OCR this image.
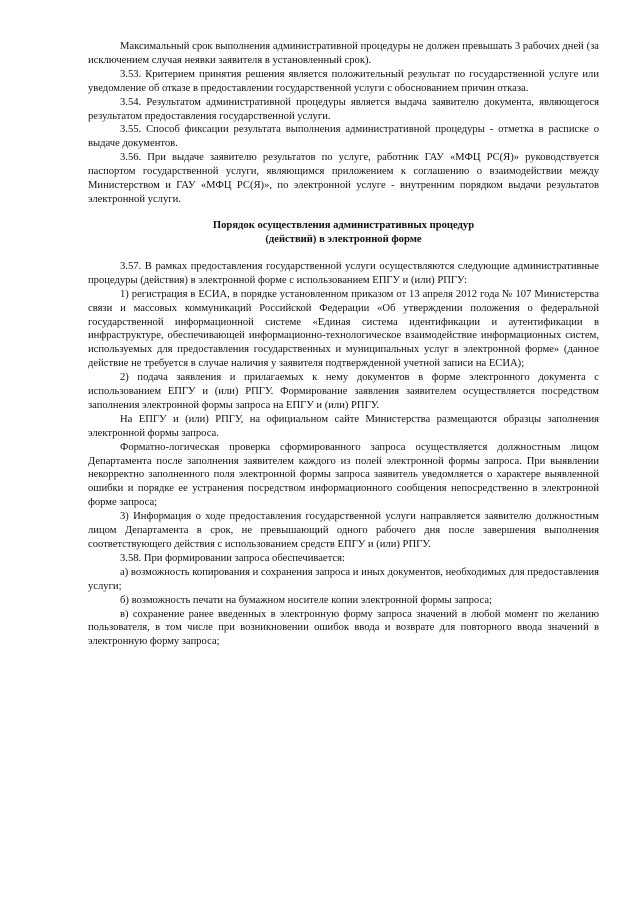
Максимальный срок выполнения административной процедуры не должен превышать 3 рабочих дней (за исключением случая неявки заявителя в установленный срок).

3.53. Критерием принятия решения является положительный результат по государственной услуге или уведомление об отказе в предоставлении государственной услуги с обоснованием причин отказа.

3.54. Результатом административной процедуры является выдача заявителю документа, являющегося результатом предоставления государственной услуги.

3.55. Способ фиксации результата выполнения административной процедуры - отметка в расписке о выдаче документов.

3.56. При выдаче заявителю результатов по услуге, работник ГАУ «МФЦ РС(Я)» руководствуется паспортом государственной услуги, являющимся приложением к соглашению о взаимодействии между Министерством и ГАУ «МФЦ РС(Я)», по электронной услуге - внутренним порядком выдачи результатов электронной услуги.

Порядок осуществления административных процедур
(действий) в электронной форме

3.57. В рамках предоставления государственной услуги осуществляются следующие административные процедуры (действия) в электронной форме с использованием ЕПГУ и (или) РПГУ:

1) регистрация в ЕСИА, в порядке установленном приказом от 13 апреля 2012 года № 107 Министерства связи и массовых коммуникаций Российской Федерации «Об утверждении положения о федеральной государственной информационной системе «Единая система идентификации и аутентификации в инфраструктуре, обеспечивающей информационно-технологическое взаимодействие информационных систем, используемых для предоставления государственных и муниципальных услуг в электронной форме» (данное действие не требуется в случае наличия у заявителя подтвержденной учетной записи на ЕСИА);

2) подача заявления и прилагаемых к нему документов в форме электронного документа с использованием ЕПГУ и (или) РПГУ. Формирование заявления заявителем осуществляется посредством заполнения электронной формы запроса на ЕПГУ и (или) РПГУ.

На ЕПГУ и (или) РПГУ, на официальном сайте Министерства размещаются образцы заполнения электронной формы запроса.

Форматно-логическая проверка сформированного запроса осуществляется должностным лицом Департамента после заполнения заявителем каждого из полей электронной формы запроса. При выявлении некорректно заполненного поля электронной формы запроса заявитель уведомляется о характере выявленной ошибки и порядке ее устранения посредством информационного сообщения непосредственно в электронной форме запроса;

3) Информация о ходе предоставления государственной услуги направляется заявителю должностным лицом Департамента в срок, не превышающий одного рабочего дня после завершения выполнения соответствующего действия с использованием средств ЕПГУ и (или) РПГУ.

3.58. При формировании запроса обеспечивается:

а) возможность копирования и сохранения запроса и иных документов, необходимых для предоставления услуги;

б) возможность печати на бумажном носителе копии электронной формы запроса;

в) сохранение ранее введенных в электронную форму запроса значений в любой момент по желанию пользователя, в том числе при возникновении ошибок ввода и возврате для повторного ввода значений в электронную форму запроса;
